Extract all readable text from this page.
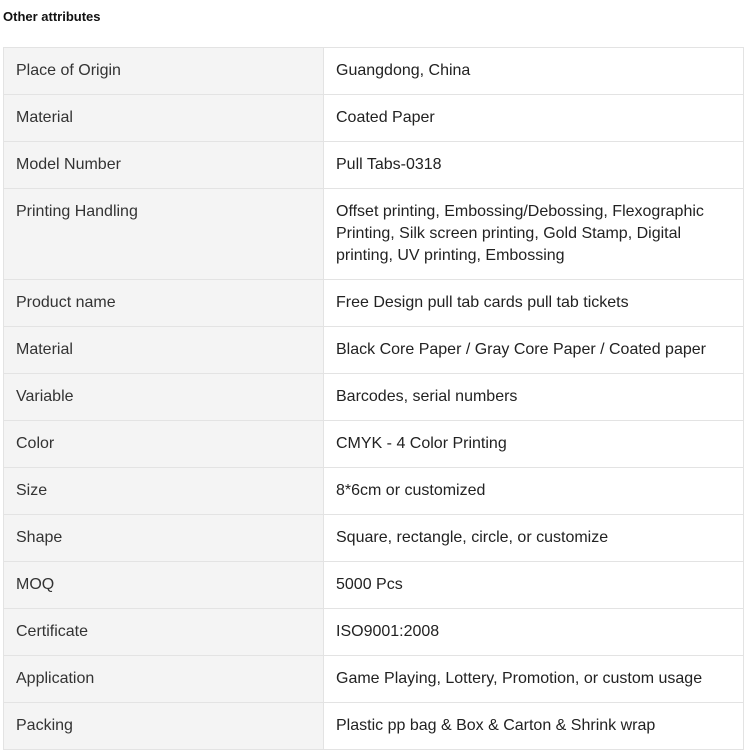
Other attributes
Place of Origin	Guangdong, China
Material	Coated Paper
Model Number	Pull Tabs-0318
Printing Handling	Offset printing, Embossing/Debossing, Flexographic Printing, Silk screen printing, Gold Stamp, Digital printing, UV printing, Embossing
Product name	Free Design pull tab cards pull tab tickets
Material	Black Core Paper / Gray Core Paper / Coated paper
Variable	Barcodes, serial numbers
Color	CMYK - 4 Color Printing
Size	8*6cm or customized
Shape	Square, rectangle, circle, or customize
MOQ	5000 Pcs
Certificate	ISO9001:2008
Application	Game Playing, Lottery, Promotion, or custom usage
Packing	Plastic pp bag & Box & Carton & Shrink wrap
